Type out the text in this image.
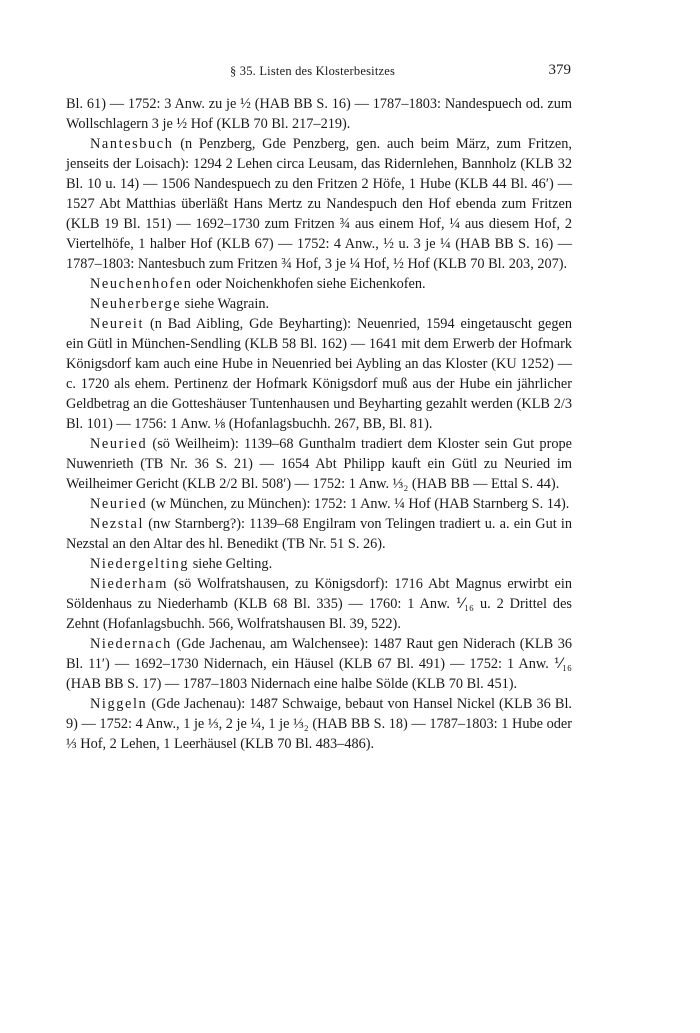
§ 35. Listen des Klosterbesitzes	379

Bl. 61) — 1752: 3 Anw. zu je ½ (HAB BB S. 16) — 1787–1803: Nandespuech od. zum Wollschlagern 3 je ½ Hof (KLB 70 Bl. 217–219).

Nantesbuch (n Penzberg, Gde Penzberg, gen. auch beim März, zum Fritzen, jenseits der Loisach): 1294 2 Lehen circa Leusam, das Ridernlehen, Bannholz (KLB 32 Bl. 10 u. 14) — 1506 Nandespuech zu den Fritzen 2 Höfe, 1 Hube (KLB 44 Bl. 46′) — 1527 Abt Matthias überläßt Hans Mertz zu Nandespuch den Hof ebenda zum Fritzen (KLB 19 Bl. 151) — 1692–1730 zum Fritzen ¾ aus einem Hof, ¼ aus diesem Hof, 2 Viertelhöfe, 1 halber Hof (KLB 67) — 1752: 4 Anw., ½ u. 3 je ¼ (HAB BB S. 16) — 1787–1803: Nantesbuch zum Fritzen ¾ Hof, 3 je ¼ Hof, ½ Hof (KLB 70 Bl. 203, 207).

Neuchenhofen oder Noichenkhofen siehe Eichenkofen.

Neuherberge siehe Wagrain.

Neureit (n Bad Aibling, Gde Beyharting): Neuenried, 1594 eingetauscht gegen ein Gütl in München-Sendling (KLB 58 Bl. 162) — 1641 mit dem Erwerb der Hofmark Königsdorf kam auch eine Hube in Neuenried bei Aybling an das Kloster (KU 1252) — c. 1720 als ehem. Pertinenz der Hofmark Königsdorf muß aus der Hube ein jährlicher Geldbetrag an die Gotteshäuser Tuntenhausen und Beyharting gezahlt werden (KLB 2/3 Bl. 101) — 1756: 1 Anw. ⅛ (Hofanlagsbuchh. 267, BB, Bl. 81).

Neuried (sö Weilheim): 1139–68 Gunthalm tradiert dem Kloster sein Gut prope Nuwenrieth (TB Nr. 36 S. 21) — 1654 Abt Philipp kauft ein Gütl zu Neuried im Weilheimer Gericht (KLB 2/2 Bl. 508′) — 1752: 1 Anw. ⅓₂ (HAB BB — Ettal S. 44).

Neuried (w München, zu München): 1752: 1 Anw. ¼ Hof (HAB Starnberg S. 14).

Nezstal (nw Starnberg?): 1139–68 Engilram von Telingen tradiert u. a. ein Gut in Nezstal an den Altar des hl. Benedikt (TB Nr. 51 S. 26).

Niedergelting siehe Gelting.

Niederham (sö Wolfratshausen, zu Königsdorf): 1716 Abt Magnus erwirbt ein Söldenhaus zu Niederhamb (KLB 68 Bl. 335) — 1760: 1 Anw. ⅟₁₆ u. 2 Drittel des Zehnt (Hofanlagsbuchh. 566, Wolfratshausen Bl. 39, 522).

Niedernach (Gde Jachenau, am Walchensee): 1487 Raut gen Niderach (KLB 36 Bl. 11′) — 1692–1730 Nidernach, ein Häusel (KLB 67 Bl. 491) — 1752: 1 Anw. ⅟₁₆ (HAB BB S. 17) — 1787–1803 Nidernach eine halbe Sölde (KLB 70 Bl. 451).

Niggeln (Gde Jachenau): 1487 Schwaige, bebaut von Hansel Nickel (KLB 36 Bl. 9) — 1752: 4 Anw., 1 je ⅓, 2 je ¼, 1 je ⅓₂ (HAB BB S. 18) — 1787–1803: 1 Hube oder ⅓ Hof, 2 Lehen, 1 Leerhäusel (KLB 70 Bl. 483–486).
